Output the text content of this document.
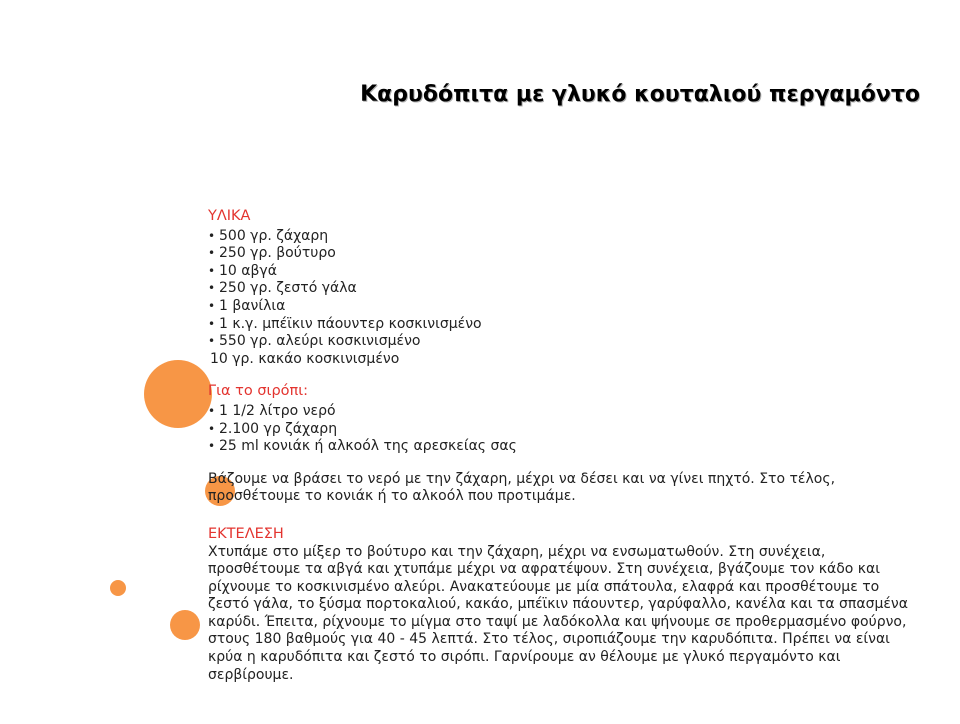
Καρυδόπιτα με γλυκό κουταλιού περγαμόντο
ΥΛΙΚΑ
• 500 γρ. ζάχαρη
• 250 γρ. βούτυρο
• 10 αβγά
• 250 γρ. ζεστό γάλα
• 1 βανίλια
• 1 κ.γ. μπέϊκιν πάουντερ κοσκινισμένο
• 550 γρ. αλεύρι κοσκινισμένο
10 γρ. κακάο κοσκινισμένο
Για το σιρόπι:
• 1 1/2 λίτρο νερό
• 2.100 γρ ζάχαρη
• 25 ml κονιάκ ή αλκοόλ της αρεσκείας σας

Βάζουμε να βράσει το νερό με την ζάχαρη, μέχρι να δέσει και να γίνει πηχτό. Στο τέλος, προσθέτουμε το κονιάκ ή το αλκοόλ που προτιμάμε.

ΕΚΤΕΛΕΣΗ

Χτυπάμε στο μίξερ το βούτυρο και την ζάχαρη, μέχρι να ενσωματωθούν. Στη συνέχεια, προσθέτουμε τα αβγά και χτυπάμε μέχρι να αφρατέψουν. Στη συνέχεια, βγάζουμε τον κάδο και ρίχνουμε το κοσκινισμένο αλεύρι. Ανακατεύουμε με μία σπάτουλα, ελαφρά και προσθέτουμε το ζεστό γάλα, το ξύσμα πορτοκαλιού, κακάο, μπέϊκιν πάουντερ, γαρύφαλλο, κανέλα και τα σπασμένα καρύδι. Έπειτα, ρίχνουμε το μίγμα στο ταψί με λαδόκολλα και ψήνουμε σε προθερμασμένο φούρνο, στους 180 βαθμούς για 40 - 45 λεπτά. Στο τέλος, σιροπιάζουμε την καρυδόπιτα. Πρέπει να είναι κρύα η καρυδόπιτα και ζεστό το σιρόπι. Γαρνίρουμε αν θέλουμε με γλυκό περγαμόντο και σερβίρουμε.
